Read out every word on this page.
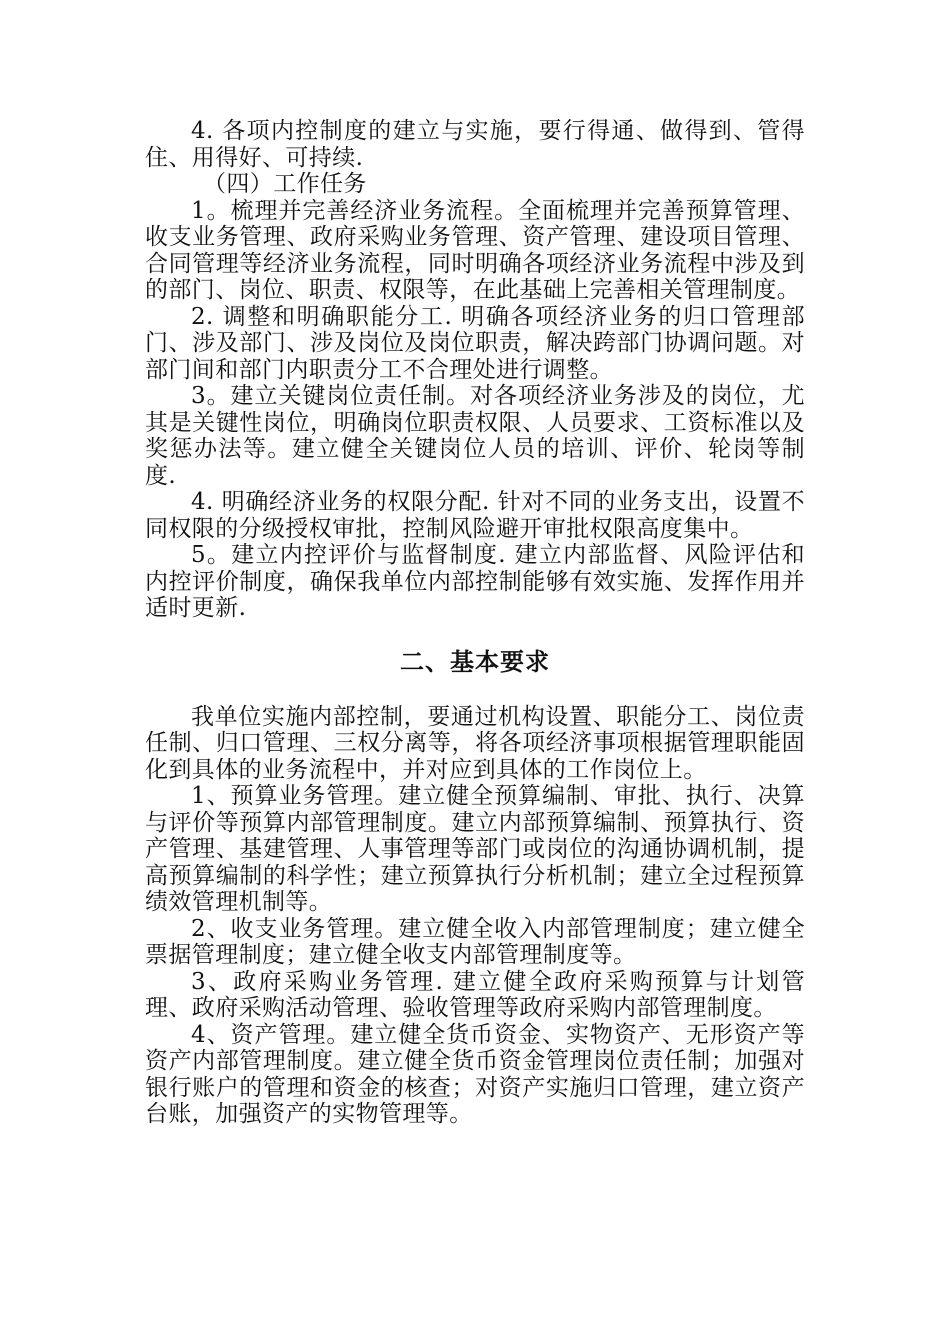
4. 各项内控制度的建立与实施，要行得通、做得到、管得住、用得好、可持续.

（四）工作任务

1。梳理并完善经济业务流程。全面梳理并完善预算管理、收支业务管理、政府采购业务管理、资产管理、建设项目管理、合同管理等经济业务流程，同时明确各项经济业务流程中涉及到的部门、岗位、职责、权限等，在此基础上完善相关管理制度。

2. 调整和明确职能分工. 明确各项经济业务的归口管理部门、涉及部门、涉及岗位及岗位职责，解决跨部门协调问题。对部门间和部门内职责分工不合理处进行调整。

3。建立关键岗位责任制。对各项经济业务涉及的岗位，尤其是关键性岗位，明确岗位职责权限、人员要求、工资标准以及奖惩办法等。建立健全关键岗位人员的培训、评价、轮岗等制度.

4. 明确经济业务的权限分配. 针对不同的业务支出，设置不同权限的分级授权审批，控制风险避开审批权限高度集中。

5。建立内控评价与监督制度. 建立内部监督、风险评估和内控评价制度，确保我单位内部控制能够有效实施、发挥作用并适时更新.

二、基本要求

我单位实施内部控制，要通过机构设置、职能分工、岗位责任制、归口管理、三权分离等，将各项经济事项根据管理职能固化到具体的业务流程中，并对应到具体的工作岗位上。

1、预算业务管理。建立健全预算编制、审批、执行、决算与评价等预算内部管理制度。建立内部预算编制、预算执行、资产管理、基建管理、人事管理等部门或岗位的沟通协调机制，提高预算编制的科学性；建立预算执行分析机制；建立全过程预算绩效管理机制等。

2、收支业务管理。建立健全收入内部管理制度；建立健全票据管理制度；建立健全收支内部管理制度等。

3、政府采购业务管理. 建立健全政府采购预算与计划管理、政府采购活动管理、验收管理等政府采购内部管理制度。

4、资产管理。建立健全货币资金、实物资产、无形资产等资产内部管理制度。建立健全货币资金管理岗位责任制；加强对银行账户的管理和资金的核查；对资产实施归口管理，建立资产台账，加强资产的实物管理等。
